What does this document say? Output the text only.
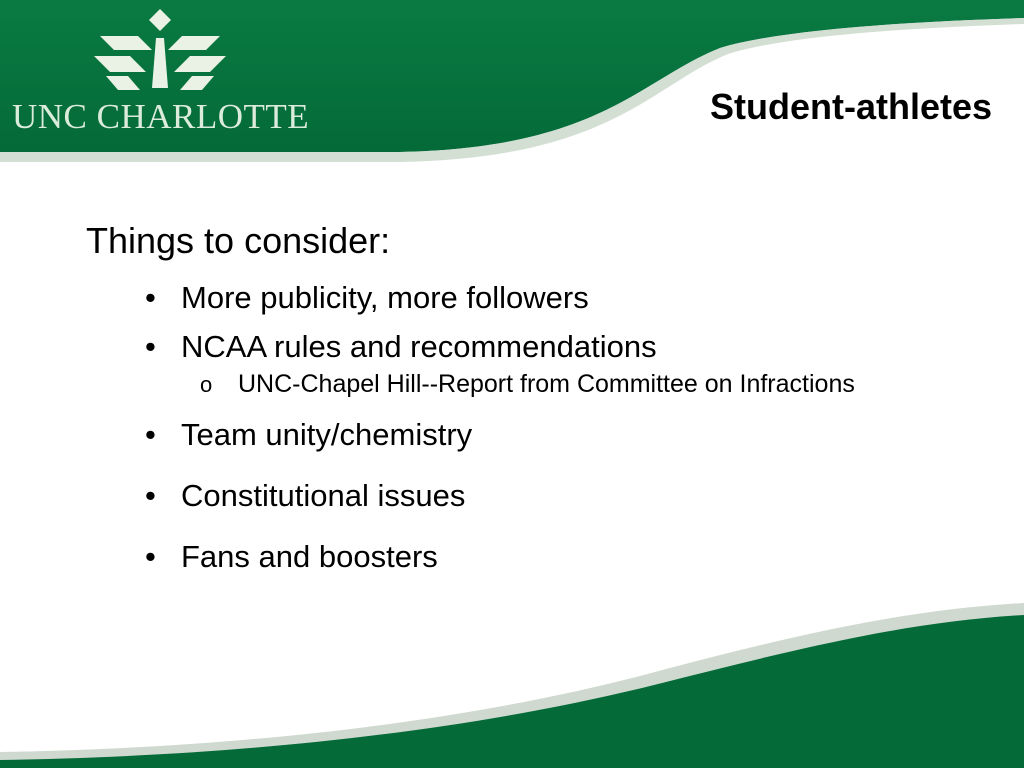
UNC CHARLOTTE	Student-athletes
Things to consider:
• More publicity, more followers
• NCAA rules and recommendations
o UNC-Chapel Hill--Report from Committee on Infractions
• Team unity/chemistry
• Constitutional issues
• Fans and boosters
